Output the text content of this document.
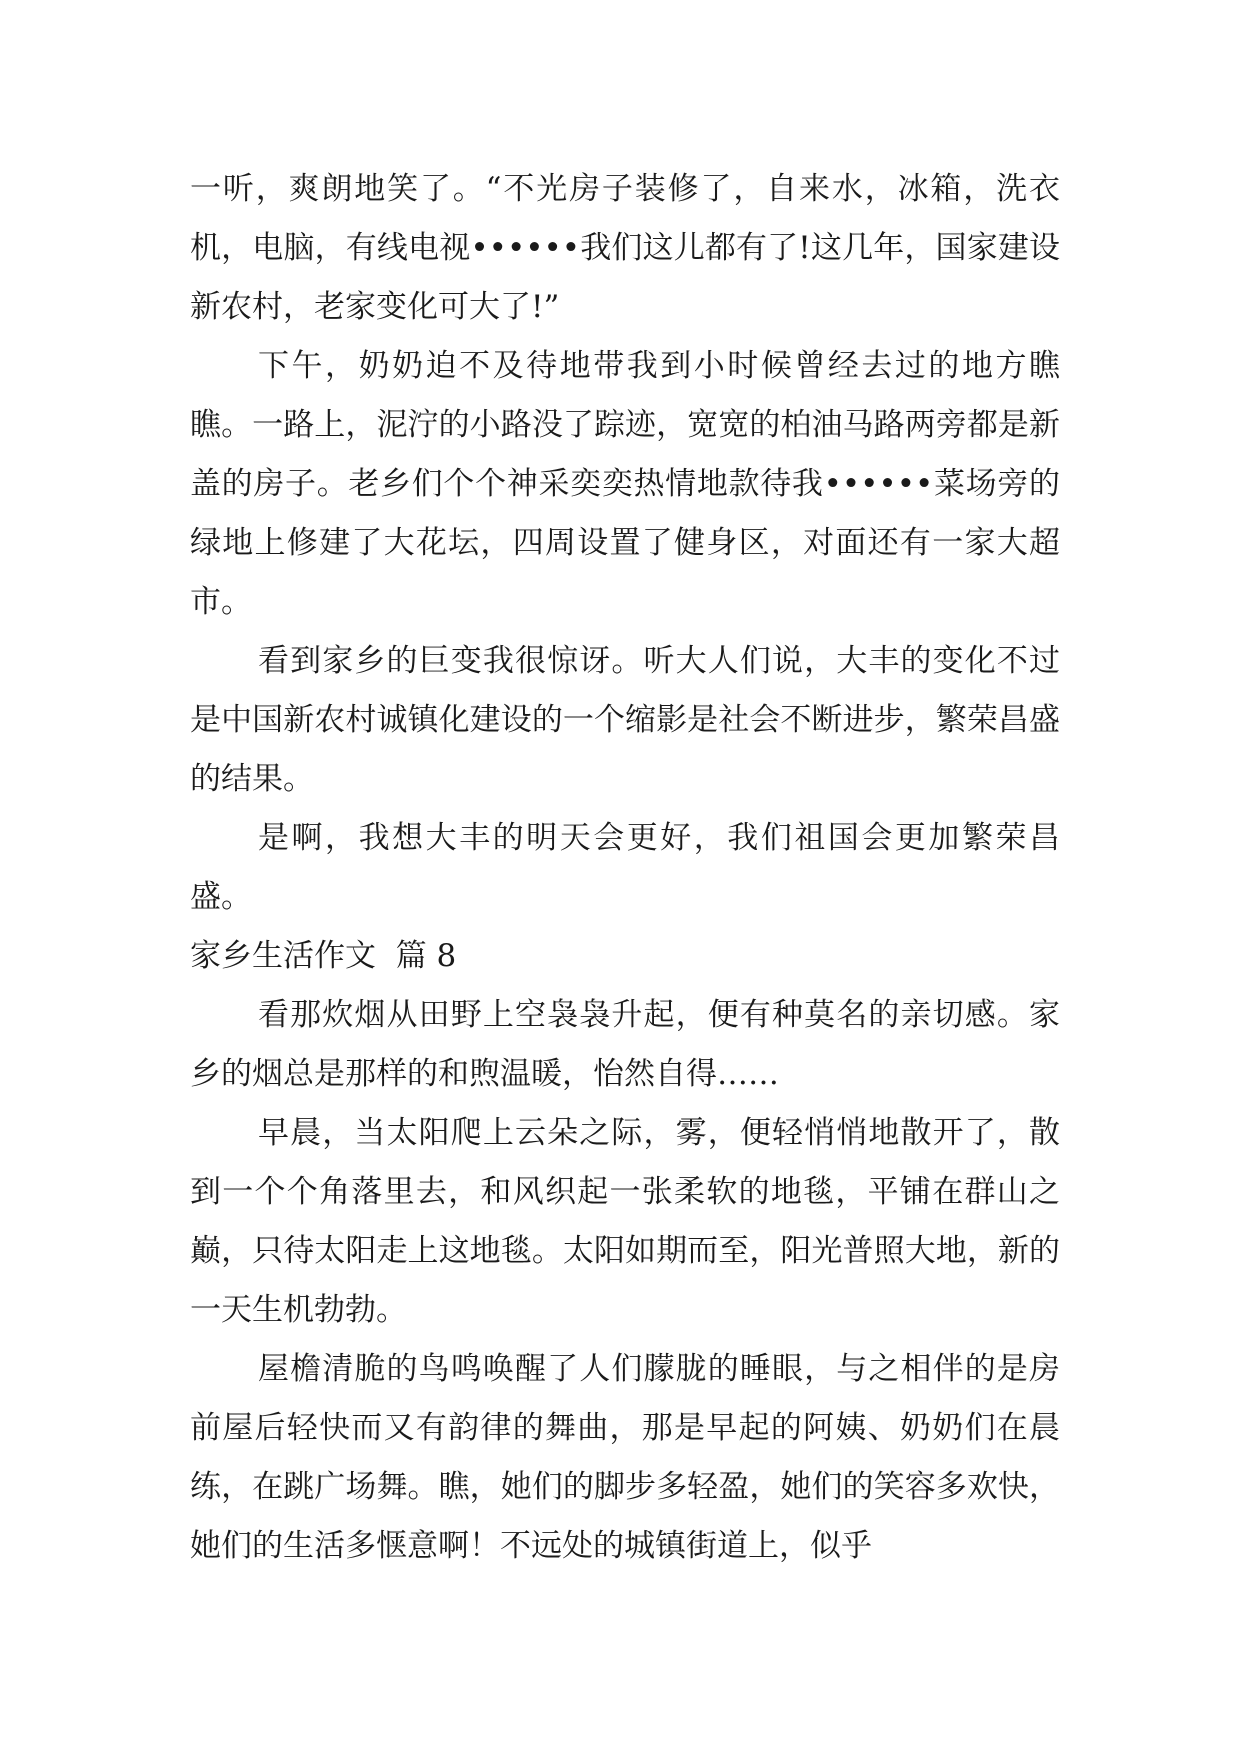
一听，爽朗地笑了。“不光房子装修了，自来水，冰箱，洗衣机，电脑，有线电视••••••我们这儿都有了!这几年，国家建设新农村，老家变化可大了!”

下午，奶奶迫不及待地带我到小时候曾经去过的地方瞧瞧。一路上，泥泞的小路没了踪迹，宽宽的柏油马路两旁都是新盖的房子。老乡们个个神采奕奕热情地款待我••••••菜场旁的绿地上修建了大花坛，四周设置了健身区，对面还有一家大超市。

看到家乡的巨变我很惊讶。听大人们说，大丰的变化不过是中国新农村诚镇化建设的一个缩影是社会不断进步，繁荣昌盛的结果。

是啊，我想大丰的明天会更好，我们祖国会更加繁荣昌盛。

家乡生活作文  篇 8

看那炊烟从田野上空袅袅升起，便有种莫名的亲切感。家乡的烟总是那样的和煦温暖，怡然自得……

早晨，当太阳爬上云朵之际，雾，便轻悄悄地散开了，散到一个个角落里去，和风织起一张柔软的地毯，平铺在群山之巅，只待太阳走上这地毯。太阳如期而至，阳光普照大地，新的一天生机勃勃。

屋檐清脆的鸟鸣唤醒了人们朦胧的睡眼，与之相伴的是房前屋后轻快而又有韵律的舞曲，那是早起的阿姨、奶奶们在晨练，在跳广场舞。瞧，她们的脚步多轻盈，她们的笑容多欢快，她们的生活多惬意啊！不远处的城镇街道上，似乎
